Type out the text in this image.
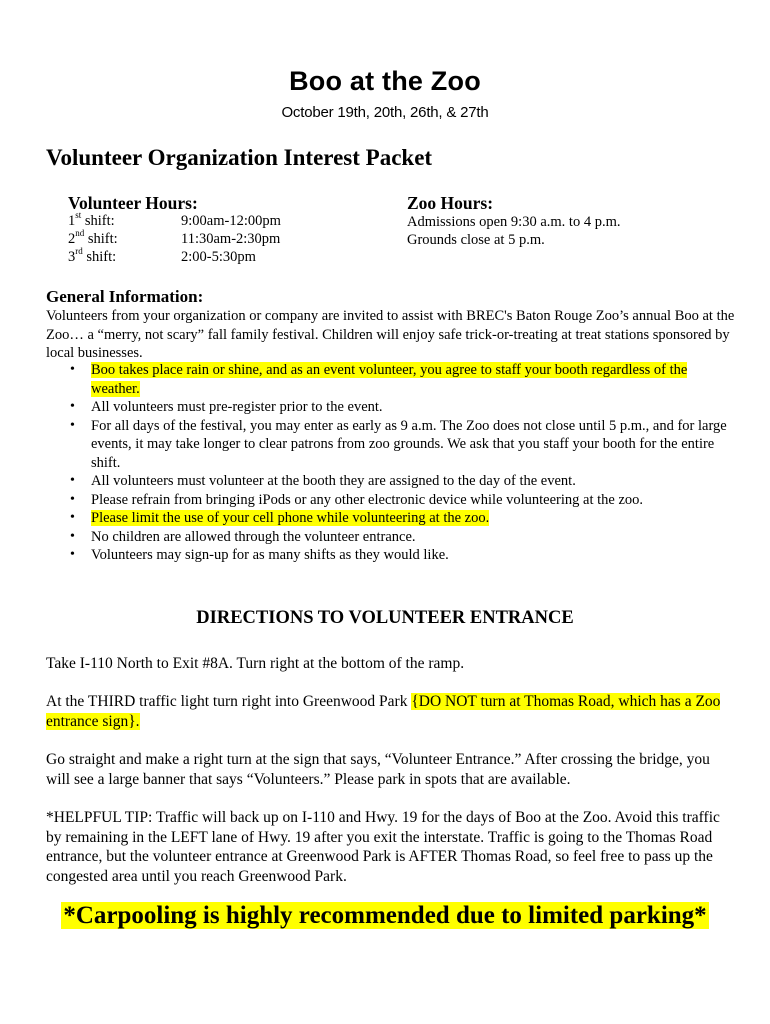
Boo at the Zoo
October 19th, 20th, 26th, & 27th
Volunteer Organization Interest Packet
Volunteer Hours:
1st shift:	9:00am-12:00pm
2nd shift:	11:30am-2:30pm
3rd shift:	2:00-5:30pm
Zoo Hours:
Admissions open 9:30 a.m. to 4 p.m.
Grounds close at 5 p.m.
General Information:
Volunteers from your organization or company are invited to assist with BREC's Baton Rouge Zoo’s annual Boo at the Zoo… a “merry, not scary” fall family festival. Children will enjoy safe trick-or-treating at treat stations sponsored by local businesses.
• Boo takes place rain or shine, and as an event volunteer, you agree to staff your booth regardless of the weather.
• All volunteers must pre-register prior to the event.
• For all days of the festival, you may enter as early as 9 a.m. The Zoo does not close until 5 p.m., and for large events, it may take longer to clear patrons from zoo grounds. We ask that you staff your booth for the entire shift.
• All volunteers must volunteer at the booth they are assigned to the day of the event.
• Please refrain from bringing iPods or any other electronic device while volunteering at the zoo.
• Please limit the use of your cell phone while volunteering at the zoo.
• No children are allowed through the volunteer entrance.
• Volunteers may sign-up for as many shifts as they would like.
DIRECTIONS TO VOLUNTEER ENTRANCE
Take I-110 North to Exit #8A. Turn right at the bottom of the ramp.
At the THIRD traffic light turn right into Greenwood Park {DO NOT turn at Thomas Road, which has a Zoo entrance sign}.
Go straight and make a right turn at the sign that says, “Volunteer Entrance.” After crossing the bridge, you will see a large banner that says “Volunteers.” Please park in spots that are available.
*HELPFUL TIP: Traffic will back up on I-110 and Hwy. 19 for the days of Boo at the Zoo. Avoid this traffic by remaining in the LEFT lane of Hwy. 19 after you exit the interstate. Traffic is going to the Thomas Road entrance, but the volunteer entrance at Greenwood Park is AFTER Thomas Road, so feel free to pass up the congested area until you reach Greenwood Park.
*Carpooling is highly recommended due to limited parking*
